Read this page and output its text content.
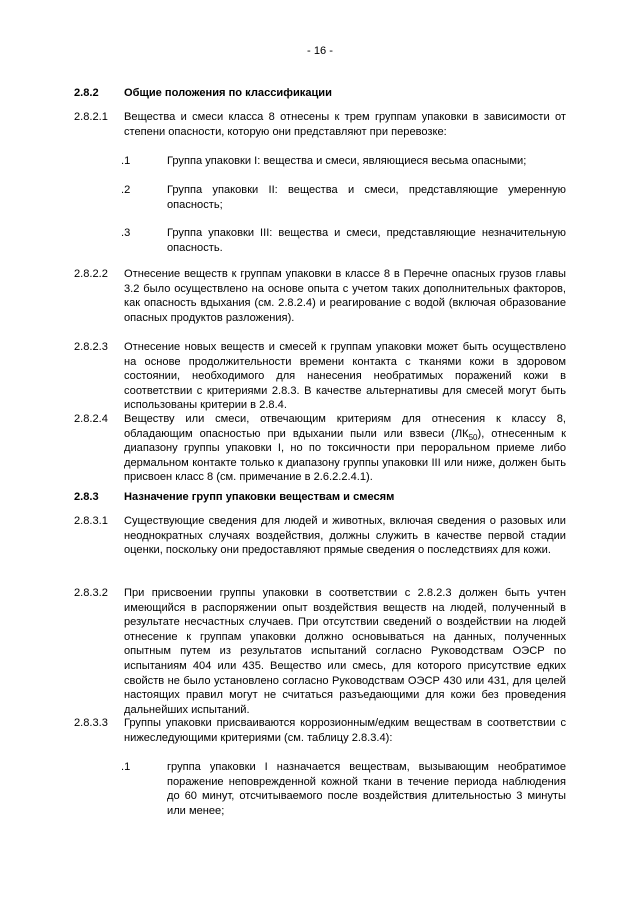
- 16 -
2.8.2 Общие положения по классификации
2.8.2.1 Вещества и смеси класса 8 отнесены к трем группам упаковки в зависимости от степени опасности, которую они представляют при перевозке:
.1	Группа упаковки I: вещества и смеси, являющиеся весьма опасными;
.2	Группа упаковки II: вещества и смеси, представляющие умеренную опасность;
.3	Группа упаковки III: вещества и смеси, представляющие незначительную опасность.
2.8.2.2 Отнесение веществ к группам упаковки в классе 8 в Перечне опасных грузов главы 3.2 было осуществлено на основе опыта с учетом таких дополнительных факторов, как опасность вдыхания (см. 2.8.2.4) и реагирование с водой (включая образование опасных продуктов разложения).
2.8.2.3 Отнесение новых веществ и смесей к группам упаковки может быть осуществлено на основе продолжительности времени контакта с тканями кожи в здоровом состоянии, необходимого для нанесения необратимых поражений кожи в соответствии с критериями 2.8.3. В качестве альтернативы для смесей могут быть использованы критерии в 2.8.4.
2.8.2.4 Веществу или смеси, отвечающим критериям для отнесения к классу 8, обладающим опасностью при вдыхании пыли или взвеси $(ЛК_{50})$, отнесенным к диапазону группы упаковки I, но по токсичности при пероральном приеме либо дермальном контакте только к диапазону группы упаковки III или ниже, должен быть присвоен класс 8 (см. примечание в 2.6.2.2.4.1).
2.8.3 Назначение групп упаковки веществам и смесям
2.8.3.1 Существующие сведения для людей и животных, включая сведения о разовых или неоднократных случаях воздействия, должны служить в качестве первой стадии оценки, поскольку они предоставляют прямые сведения о последствиях для кожи.
2.8.3.2 При присвоении группы упаковки в соответствии с 2.8.2.3 должен быть учтен имеющийся в распоряжении опыт воздействия веществ на людей, полученный в результате несчастных случаев. При отсутствии сведений о воздействии на людей отнесение к группам упаковки должно основываться на данных, полученных опытным путем из результатов испытаний согласно Руководствам ОЭСР по испытаниям 404 или 435. Вещество или смесь, для которого присутствие едких свойств не было установлено согласно Руководствам ОЭСР 430 или 431, для целей настоящих правил могут не считаться разъедающими для кожи без проведения дальнейших испытаний.
2.8.3.3 Группы упаковки присваиваются коррозионным/едким веществам в соответствии с нижеследующими критериями (см. таблицу 2.8.3.4):
.1	группа упаковки I назначается веществам, вызывающим необратимое поражение неповрежденной кожной ткани в течение периода наблюдения до 60 минут, отсчитываемого после воздействия длительностью 3 минуты или менее;
